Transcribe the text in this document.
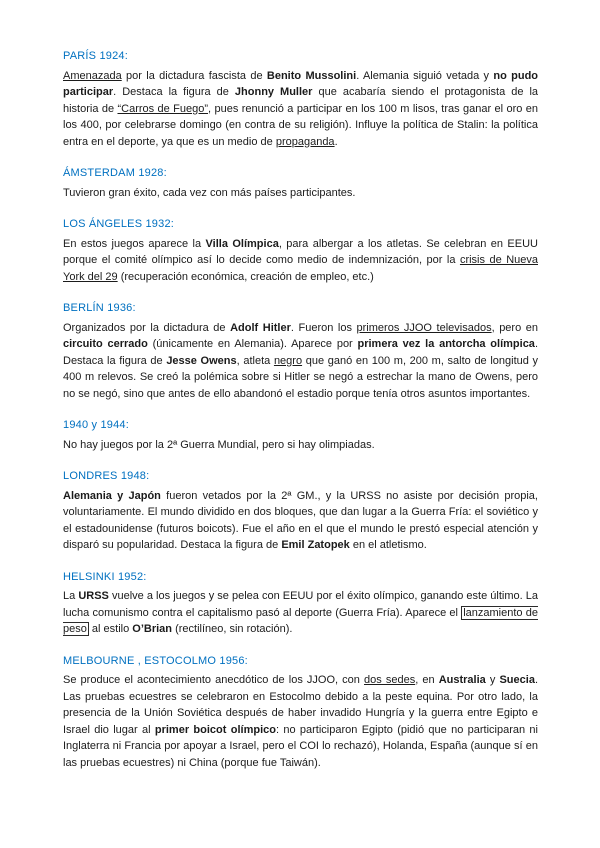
PARÍS 1924:

Amenazada por la dictadura fascista de Benito Mussolini. Alemania siguió vetada y no pudo participar. Destaca la figura de Jhonny Muller que acabaría siendo el protagonista de la historia de “Carros de Fuego”, pues renunció a participar en los 100 m lisos, tras ganar el oro en los 400, por celebrarse domingo (en contra de su religión). Influye la política de Stalin: la política entra en el deporte, ya que es un medio de propaganda.

ÁMSTERDAM 1928:

Tuvieron gran éxito, cada vez con más países participantes.

LOS ÁNGELES 1932:

En estos juegos aparece la Villa Olímpica, para albergar a los atletas. Se celebran en EEUU porque el comité olímpico así lo decide como medio de indemnización, por la crisis de Nueva York del 29 (recuperación económica, creación de empleo, etc.)

BERLÍN 1936:

Organizados por la dictadura de Adolf Hitler. Fueron los primeros JJOO televisados, pero en circuito cerrado (únicamente en Alemania). Aparece por primera vez la antorcha olímpica. Destaca la figura de Jesse Owens, atleta negro que ganó en 100 m, 200 m, salto de longitud y 400 m relevos. Se creó la polémica sobre si Hitler se negó a estrechar la mano de Owens, pero no se negó, sino que antes de ello abandonó el estadio porque tenía otros asuntos importantes.

1940 y 1944:

No hay juegos por la 2ª Guerra Mundial, pero si hay olimpiadas.

LONDRES 1948:

Alemania y Japón fueron vetados por la 2ª GM., y la URSS no asiste por decisión propia, voluntariamente. El mundo dividido en dos bloques, que dan lugar a la Guerra Fría: el soviético y el estadounidense (futuros boicots). Fue el año en el que el mundo le prestó especial atención y disparó su popularidad. Destaca la figura de Emil Zatopek en el atletismo.

HELSINKI 1952:

La URSS vuelve a los juegos y se pelea con EEUU por el éxito olímpico, ganando este último. La lucha comunismo contra el capitalismo pasó al deporte (Guerra Fría). Aparece el lanzamiento de peso al estilo O’Brian (rectilíneo, sin rotación).

MELBOURNE , ESTOCOLMO 1956:

Se produce el acontecimiento anecdótico de los JJOO, con dos sedes, en Australia y Suecia. Las pruebas ecuestres se celebraron en Estocolmo debido a la peste equina. Por otro lado, la presencia de la Unión Soviética después de haber invadido Hungría y la guerra entre Egipto e Israel dio lugar al primer boicot olímpico: no participaron Egipto (pidió que no participaran ni Inglaterra ni Francia por apoyar a Israel, pero el COI lo rechazó), Holanda, España (aunque sí en las pruebas ecuestres) ni China (porque fue Taiwán).
